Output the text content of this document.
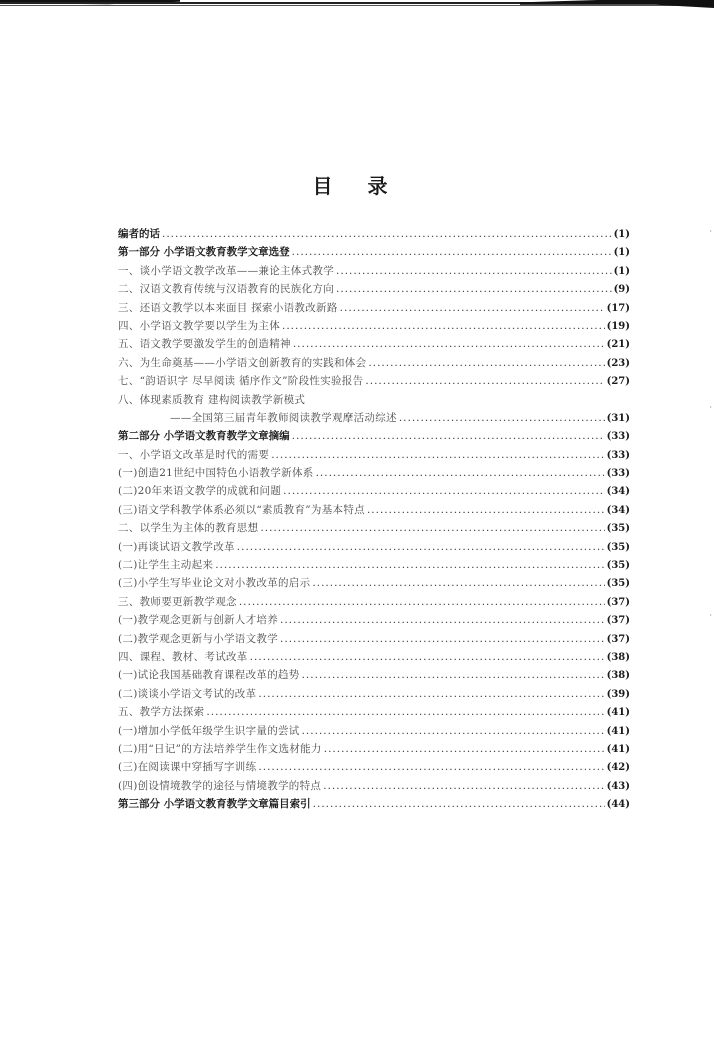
·
·
·
目 录
编者的话 .....	(1)
第一部分 小学语文教育教学文章选登 .....	(1)
一、谈小学语文教学改革——兼论主体式教学 .....	(1)
二、汉语文教育传统与汉语教育的民族化方向 .....	(9)
三、还语文教学以本来面目 探索小语教改新路 .....	(17)
四、小学语文教学要以学生为主体 .....	(19)
五、语文教学要激发学生的创造精神 .....	(21)
六、为生命奠基——小学语文创新教育的实践和体会 .....	(23)
七、“韵语识字 尽早阅读 循序作文”阶段性实验报告 .....	(27)
八、体现素质教育 建构阅读教学新模式
——全国第三届青年教师阅读教学观摩活动综述 .....	(31)
第二部分 小学语文教育教学文章摘编 .....	(33)
一、小学语文改革是时代的需要 .....	(33)
(一)创造21世纪中国特色小语教学新体系 .....	(33)
(二)20年来语文教学的成就和问题 .....	(34)
(三)语文学科教学体系必须以“素质教育”为基本特点 .....	(34)
二、以学生为主体的教育思想 .....	(35)
(一)再谈试语文教学改革 .....	(35)
(二)让学生主动起来 .....	(35)
(三)小学生写毕业论文对小教改革的启示 .....	(35)
三、教师要更新教学观念 .....	(37)
(一)教学观念更新与创新人才培养 .....	(37)
(二)教学观念更新与小学语文教学 .....	(37)
四、课程、教材、考试改革 .....	(38)
(一)试论我国基础教育课程改革的趋势 .....	(38)
(二)谈谈小学语文考试的改革 .....	(39)
五、教学方法探索 .....	(41)
(一)增加小学低年级学生识字量的尝试 .....	(41)
(二)用“日记”的方法培养学生作文选材能力 .....	(41)
(三)在阅读课中穿插写字训练 .....	(42)
(四)创设情境教学的途径与情境教学的特点 .....	(43)
第三部分 小学语文教育教学文章篇目索引 .....	(44)
